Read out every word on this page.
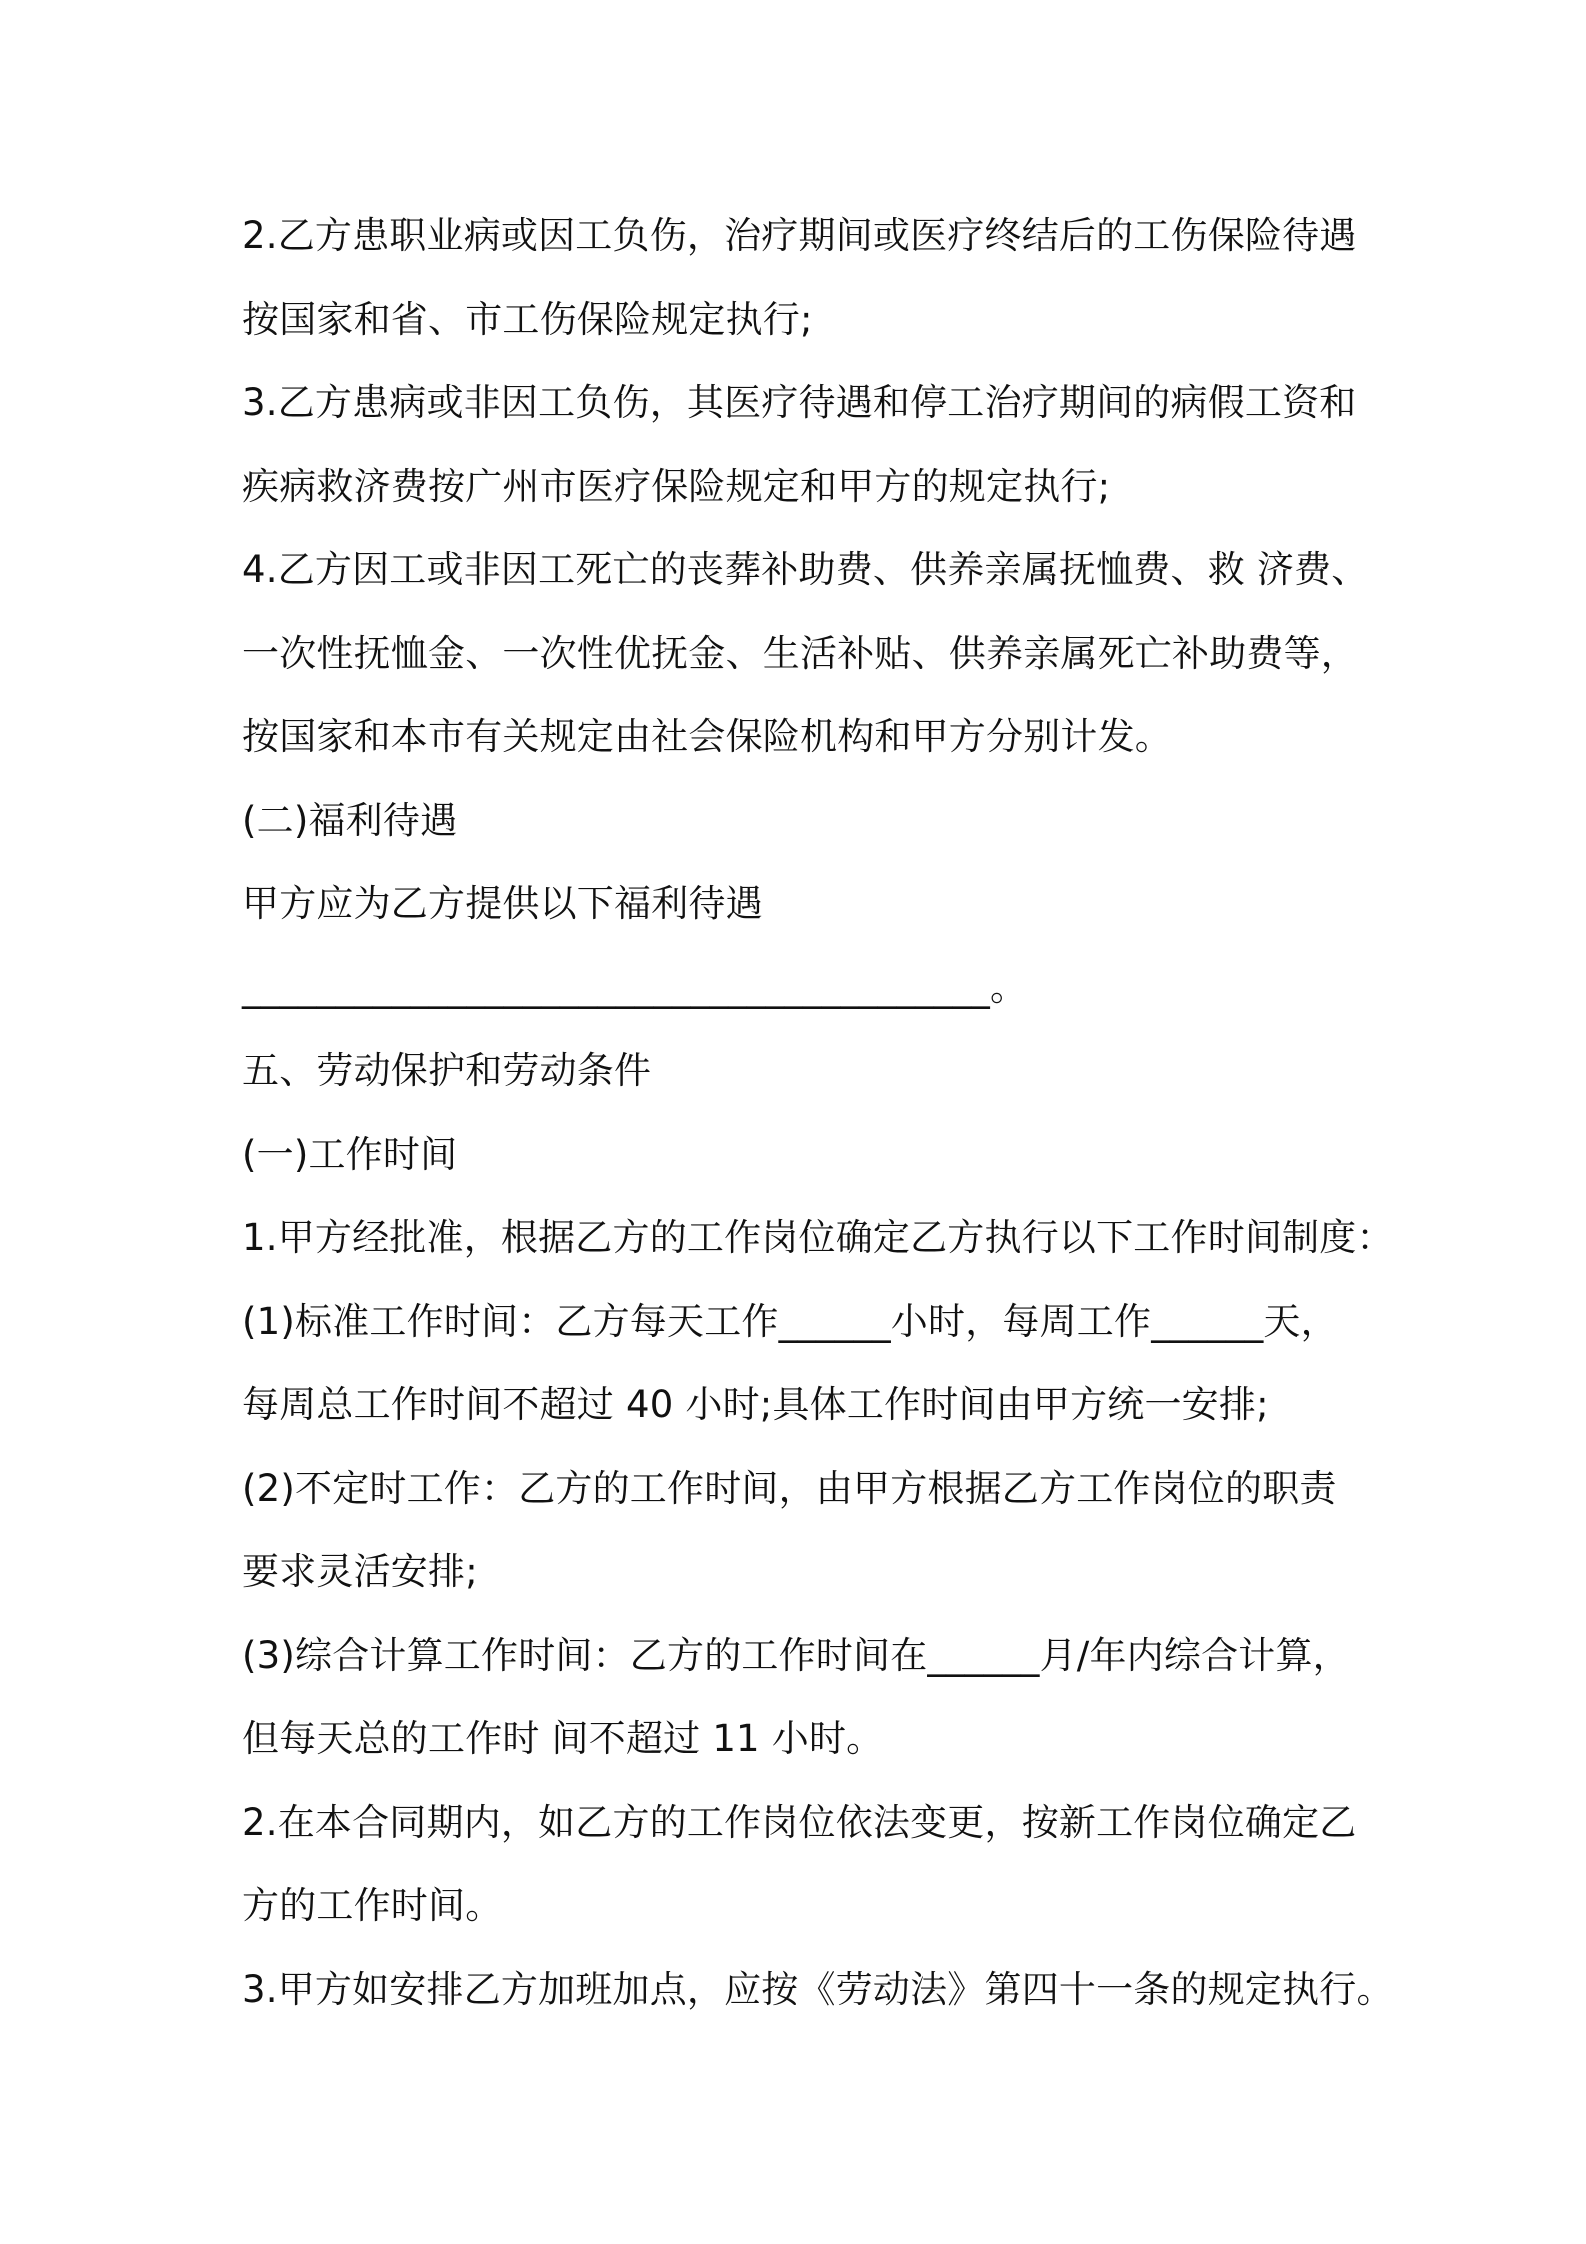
2.乙方患职业病或因工负伤，治疗期间或医疗终结后的工伤保险待遇
按国家和省、市工伤保险规定执行;
3.乙方患病或非因工负伤，其医疗待遇和停工治疗期间的病假工资和
疾病救济费按广州市医疗保险规定和甲方的规定执行;
4.乙方因工或非因工死亡的丧葬补助费、供养亲属抚恤费、救 济费、
一次性抚恤金、一次性优抚金、生活补贴、供养亲属死亡补助费等，
按国家和本市有关规定由社会保险机构和甲方分别计发。
(二)福利待遇
甲方应为乙方提供以下福利待遇
________________________________________。
五、劳动保护和劳动条件
(一)工作时间
1.甲方经批准，根据乙方的工作岗位确定乙方执行以下工作时间制度：
(1)标准工作时间：乙方每天工作______小时，每周工作______天，
每周总工作时间不超过 40 小时;具体工作时间由甲方统一安排;
(2)不定时工作：乙方的工作时间，由甲方根据乙方工作岗位的职责
要求灵活安排;
(3)综合计算工作时间：乙方的工作时间在______月/年内综合计算，
但每天总的工作时 间不超过 11 小时。
2.在本合同期内，如乙方的工作岗位依法变更，按新工作岗位确定乙
方的工作时间。
3.甲方如安排乙方加班加点，应按《劳动法》第四十一条的规定执行。
